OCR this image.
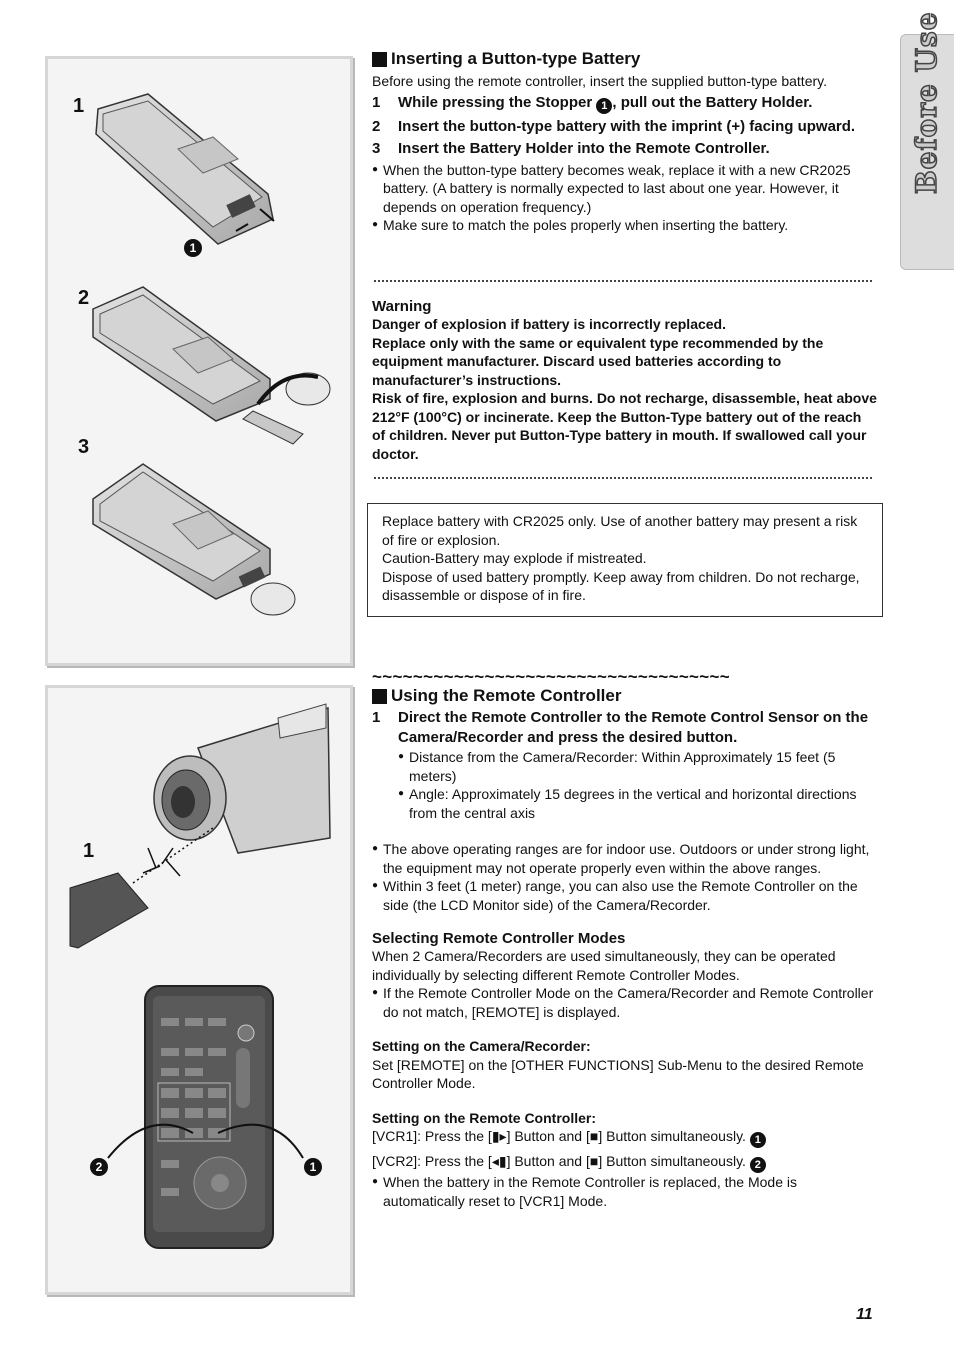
Before Use
1
2
3
1
1
2	1
Inserting a Button-type Battery

Before using the remote controller, insert the supplied button-type battery.

1	While pressing the Stopper 1 , pull out the Battery Holder.
2	Insert the button-type battery with the imprint (+) facing upward.
3	Insert the Battery Holder into the Remote Controller.
● When the button-type battery becomes weak, replace it with a new CR2025 battery. (A battery is normally expected to last about one year. However, it depends on operation frequency.)
● Make sure to match the poles properly when inserting the battery.

Warning

Danger of explosion if battery is incorrectly replaced.

Replace only with the same or equivalent type recommended by the equipment manufacturer. Discard used batteries according to manufacturer’s instructions.

Risk of fire, explosion and burns. Do not recharge, disassemble, heat above 212°F (100°C) or incinerate. Keep the Button-Type battery out of the reach of children. Never put Button-Type battery in mouth. If swallowed call your doctor.

Replace battery with CR2025 only. Use of another battery may present a risk of fire or explosion.

Caution-Battery may explode if mistreated.

Dispose of used battery promptly. Keep away from children. Do not recharge, disassemble or dispose of in fire.

~~~~~~~~~~~~~~~~~~~~~~~~~~~~~~~~~~~
Using the Remote Controller
1	Direct the Remote Controller to the Remote Control Sensor on the Camera/Recorder and press the desired button.
● Distance from the Camera/Recorder: Within Approximately 15 feet (5 meters)
● Angle: Approximately 15 degrees in the vertical and horizontal directions from the central axis
● The above operating ranges are for indoor use. Outdoors or under strong light, the equipment may not operate properly even within the above ranges.
● Within 3 feet (1 meter) range, you can also use the Remote Controller on the side (the LCD Monitor side) of the Camera/Recorder.

Selecting Remote Controller Modes

When 2 Camera/Recorders are used simultaneously, they can be operated individually by selecting different Remote Controller Modes.

● If the Remote Controller Mode on the Camera/Recorder and Remote Controller do not match, [REMOTE] is displayed.

Setting on the Camera/Recorder:

Set [REMOTE] on the [OTHER FUNCTIONS] Sub-Menu to the desired Remote Controller Mode.

Setting on the Remote Controller:

[VCR1]: Press the [▮▸] Button and [■] Button simultaneously. 1

[VCR2]: Press the [◂▮] Button and [■] Button simultaneously. 2

● When the battery in the Remote Controller is replaced, the Mode is automatically reset to [VCR1] Mode.
11
